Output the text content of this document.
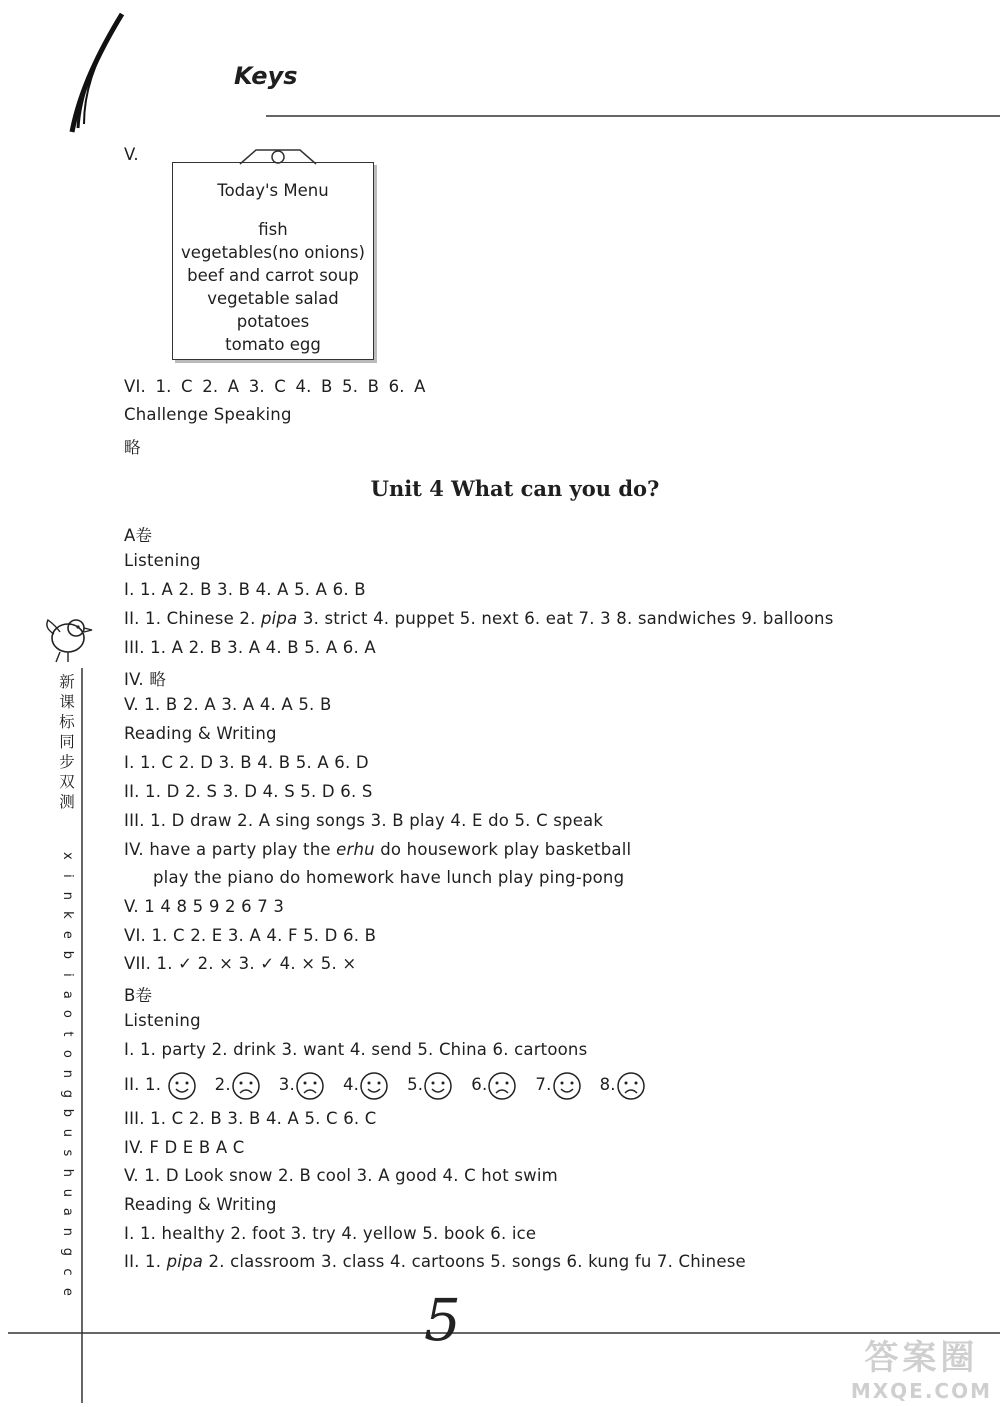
Keys
V.
Today's Menu
fish
vegetables(no onions)
beef and carrot soup
vegetable salad
potatoes
tomato egg
VI. 1. C 2. A 3. C 4. B 5. B 6. A
Challenge Speaking
略
Unit 4 What can you do?
A卷
Listening
I. 1. A 2. B 3. B 4. A 5. A 6. B
II. 1. Chinese 2. pipa 3. strict 4. puppet 5. next 6. eat 7. 3 8. sandwiches 9. balloons
III. 1. A 2. B 3. A 4. B 5. A 6. A
IV. 略
V. 1. B 2. A 3. A 4. A 5. B
Reading & Writing
I. 1. C 2. D 3. B 4. B 5. A 6. D
II. 1. D 2. S 3. D 4. S 5. D 6. S
III. 1. D draw 2. A sing songs 3. B play 4. E do 5. C speak
IV. have a party play the erhu do housework play basketball
play the piano do homework have lunch play ping-pong
V. 1 4 8 5 9 2 6 7 3
VI. 1. C 2. E 3. A 4. F 5. D 6. B
VII. 1. ✓ 2. × 3. ✓ 4. × 5. ×
B卷
Listening
I. 1. party 2. drink 3. want 4. send 5. China 6. cartoons
II. 1.	2.	3.	4.	5.	6.	7.	8.
III. 1. C 2. B 3. B 4. A 5. C 6. C
IV. F D E B A C
V. 1. D Look snow 2. B cool 3. A good 4. C hot swim
Reading & Writing
I. 1. healthy 2. foot 3. try 4. yellow 5. book 6. ice
II. 1. pipa 2. classroom 3. class 4. cartoons 5. songs 6. kung fu 7. Chinese
新
课
标
同
步
双
测
x
i
n
k
e
b
i
a
o
t
o
n
g
b
u
s
h
u
a
n
g
c
e	5
答案圈
MXQE.COM
